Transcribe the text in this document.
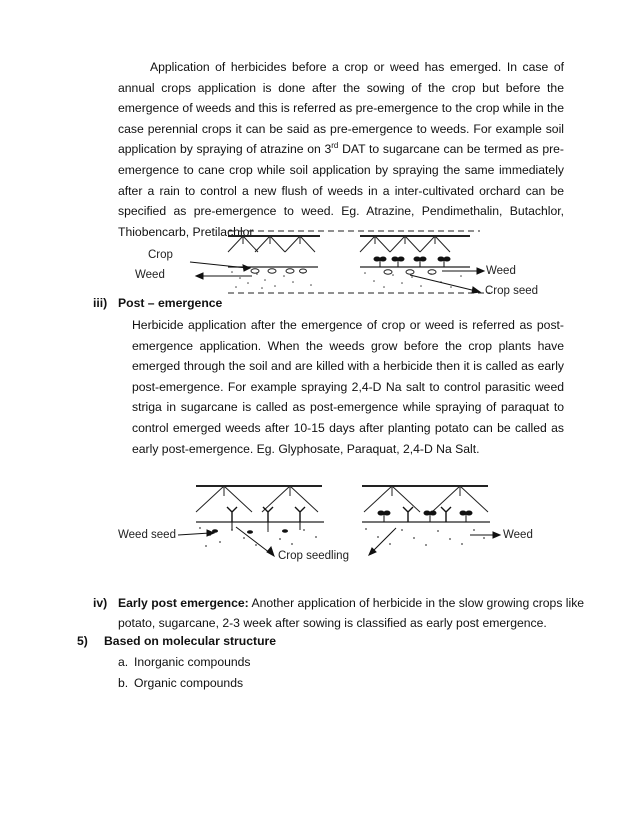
Application of herbicides before a crop or weed has emerged. In case of annual crops application is done after the sowing of the crop but before the emergence of weeds and this is referred as pre-emergence to the crop while in the case perennial crops it can be said as pre-emergence to weeds. For example soil application by spraying of atrazine on 3rd DAT to sugarcane can be termed as pre-emergence to cane crop while soil application by spraying the same immediately after a rain to control a new flush of weeds in a inter-cultivated orchard can be specified as pre-emergence to weed. Eg. Atrazine, Pendimethalin, Butachlor, Thiobencarb, Pretilachlor

Crop
Weed	Weed
Crop seed
iii) Post – emergence

Herbicide application after the emergence of crop or weed is referred as post-emergence application. When the weeds grow before the crop plants have emerged through the soil and are killed with a herbicide then it is called as early post-emergence. For example spraying 2,4-D Na salt to control parasitic weed striga in sugarcane is called as post-emergence while spraying of paraquat to control emerged weeds after 10-15 days after planting potato can be called as early post-emergence. Eg. Glyphosate, Paraquat, 2,4-D Na Salt.

Weed seed
Crop seedling
Weed
iv) Early post emergence: Another application of herbicide in the slow growing crops like
potato, sugarcane, 2-3 week after sowing is classified as early post emergence.
5) Based on molecular structure
a. Inorganic compounds
b. Organic compounds
